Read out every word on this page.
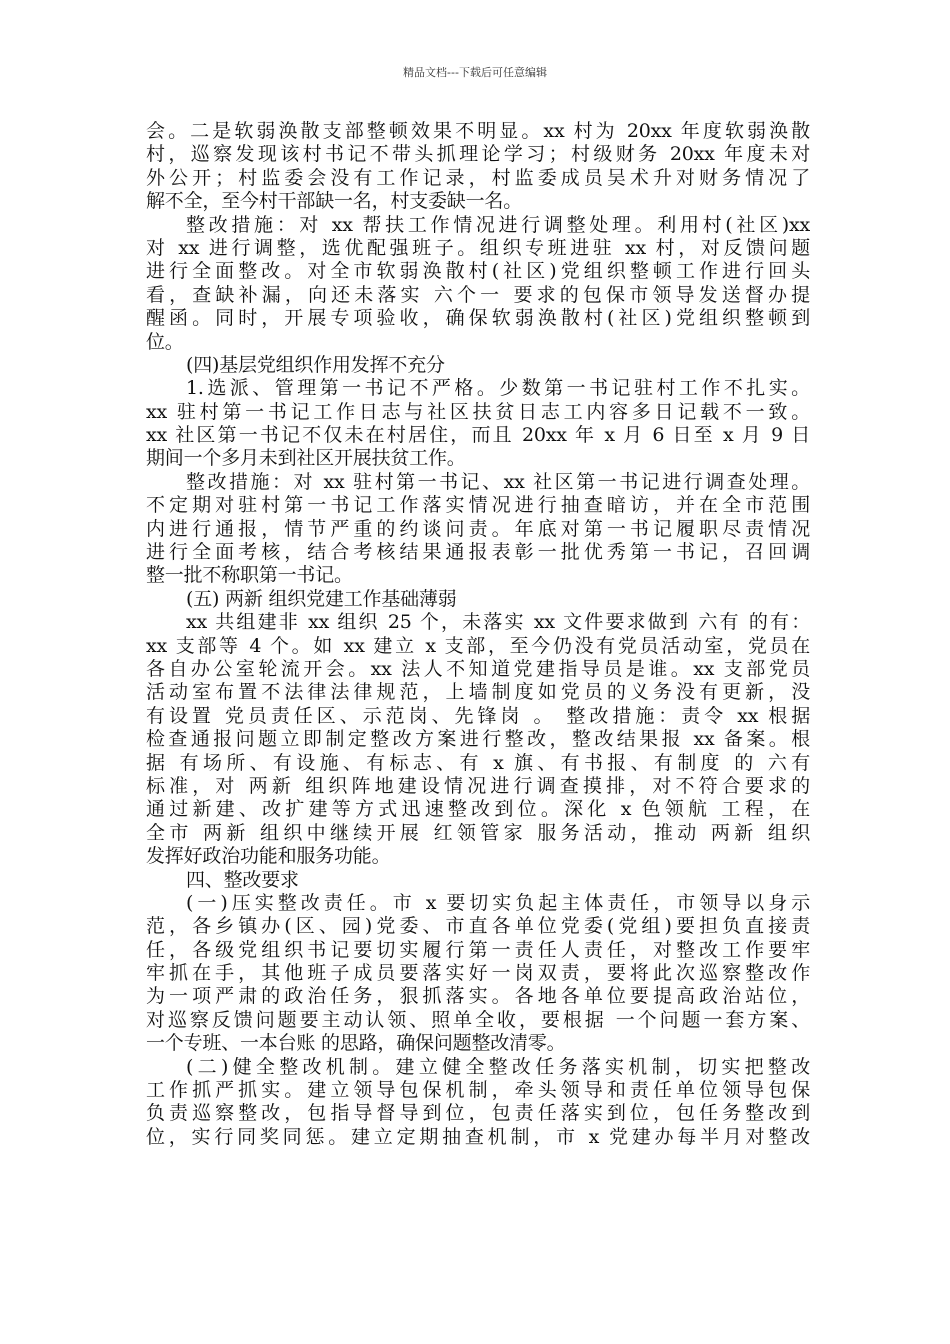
精品文档---下载后可任意编辑
会。二是软弱涣散支部整顿效果不明显。xx 村为 20xx 年度软弱涣散
村，巡察发现该村书记不带头抓理论学习；村级财务 20xx 年度未对
外公开；村监委会没有工作记录，村监委成员吴术升对财务情况了
解不全，至今村干部缺一名，村支委缺一名。
整改措施：对 xx 帮扶工作情况进行调整处理。利用村(社区)xx
对 xx 进行调整，选优配强班子。组织专班进驻 xx 村，对反馈问题
进行全面整改。对全市软弱涣散村(社区)党组织整顿工作进行回头
看，查缺补漏，向还未落实 六个一 要求的包保市领导发送督办提
醒函。同时，开展专项验收，确保软弱涣散村(社区)党组织整顿到
位。
(四)基层党组织作用发挥不充分
1.选派、管理第一书记不严格。少数第一书记驻村工作不扎实。
xx 驻村第一书记工作日志与社区扶贫日志工内容多日记载不一致。
xx 社区第一书记不仅未在村居住，而且 20xx 年 x 月 6 日至 x 月 9 日
期间一个多月未到社区开展扶贫工作。
整改措施：对 xx 驻村第一书记、xx 社区第一书记进行调查处理。
不定期对驻村第一书记工作落实情况进行抽查暗访，并在全市范围
内进行通报，情节严重的约谈问责。年底对第一书记履职尽责情况
进行全面考核，结合考核结果通报表彰一批优秀第一书记，召回调
整一批不称职第一书记。
(五) 两新 组织党建工作基础薄弱
xx 共组建非 xx 组织 25 个，未落实 xx 文件要求做到 六有 的有：
xx 支部等 4 个。如 xx 建立 x 支部，至今仍没有党员活动室，党员在
各自办公室轮流开会。xx 法人不知道党建指导员是谁。xx 支部党员
活动室布置不法律法律规范，上墙制度如党员的义务没有更新，没
有设置 党员责任区、示范岗、先锋岗 。 整改措施：责令 xx 根据
检查通报问题立即制定整改方案进行整改，整改结果报 xx 备案。根
据 有场所、有设施、有标志、有 x 旗、有书报、有制度 的 六有
标准，对 两新 组织阵地建设情况进行调查摸排，对不符合要求的
通过新建、改扩建等方式迅速整改到位。深化 x 色领航 工程，在
全市 两新 组织中继续开展 红领管家 服务活动，推动 两新 组织
发挥好政治功能和服务功能。
四、整改要求
(一)压实整改责任。市 x 要切实负起主体责任，市领导以身示
范，各乡镇办(区、园)党委、市直各单位党委(党组)要担负直接责
任，各级党组织书记要切实履行第一责任人责任，对整改工作要牢
牢抓在手，其他班子成员要落实好一岗双责，要将此次巡察整改作
为一项严肃的政治任务，狠抓落实。各地各单位要提高政治站位，
对巡察反馈问题要主动认领、照单全收，要根据 一个问题一套方案、
一个专班、一本台账 的思路，确保问题整改清零。
(二)健全整改机制。建立健全整改任务落实机制，切实把整改
工作抓严抓实。建立领导包保机制，牵头领导和责任单位领导包保
负责巡察整改，包指导督导到位，包责任落实到位，包任务整改到
位，实行同奖同惩。建立定期抽查机制，市 x 党建办每半月对整改
